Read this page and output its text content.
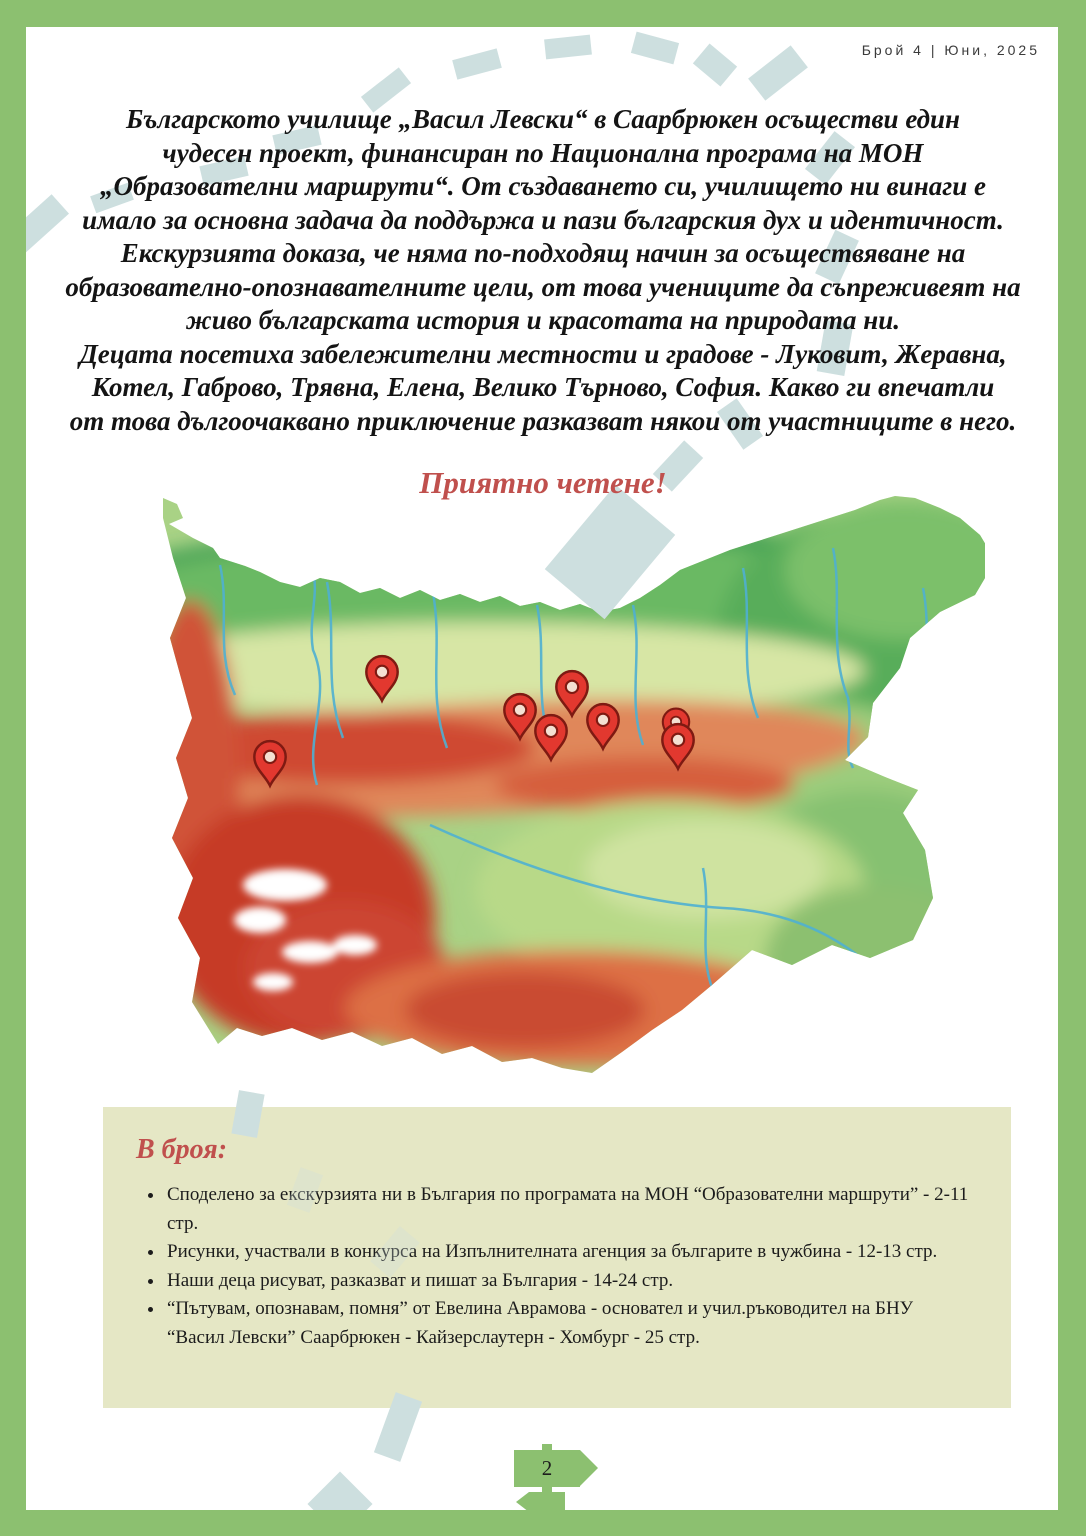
Брой 4 | Юни, 2025
Българското училище „Васил Левски“ в Саарбрюкен осъществи един
чудесен проект, финансиран по Национална програма на МОН
„Образователни маршрути“. От създаването си, училището ни винаги е
имало за основна задача да поддържа и пази българския дух и идентичност.
Екскурзията доказа, че няма по-подходящ начин за осъществяване на
образователно-опознавателните цели, от това учениците да съпреживеят на
живо българската история и красотата на природата ни.
Децата посетиха забележителни местности и градове - Луковит, Жеравна,
Котел, Габрово, Трявна, Елена, Велико Търново, София. Какво ги впечатли
от това дългоочаквано приключение разказват някои от участниците в него.
Приятно четене!
В броя:
• Споделено за екскурзията ни в България по програмата на МОН “Образователни маршрути” - 2-11 стр.
• Рисунки, участвали в конкурса на Изпълнителната агенция за българите в чужбина - 12-13 стр.
• Наши деца рисуват, разказват и пишат за България - 14-24 стр.
• “Пътувам, опознавам, помня” от Евелина Аврамова - основател и учил.ръководител на БНУ “Васил Левски” Саарбрюкен - Кайзерслаутерн - Хомбург - 25 стр.
2
